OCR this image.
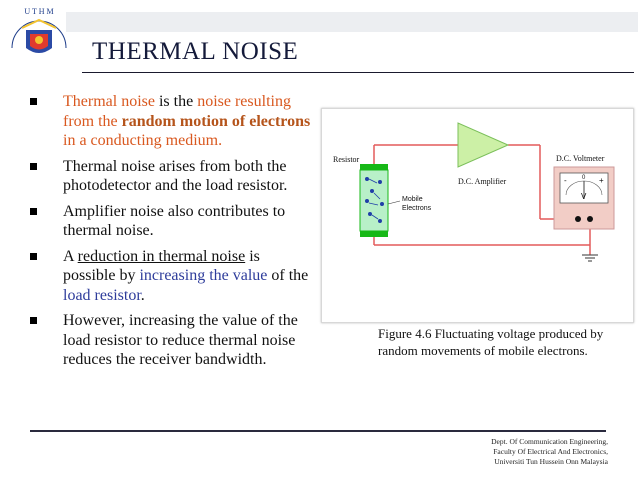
U T H M
THERMAL NOISE
Thermal noise is the noise resulting from the random motion of electrons in a conducting medium.
Thermal noise arises from both the photodetector and the load resistor.
Amplifier noise also contributes to thermal noise.
A reduction in thermal noise is possible by increasing the value of the load resistor.
However, increasing the value of the load resistor to reduce thermal noise reduces the receiver bandwidth.
D.C. Amplifier
Resistor
Mobile
Electrons
D.C. Voltmeter
-	0 +
V
Figure 4.6 Fluctuating voltage produced by random movements of mobile electrons.
Dept. Of Communication Engineering,
Faculty Of Electrical And Electronics,
Universiti Tun Hussein Onn Malaysia
